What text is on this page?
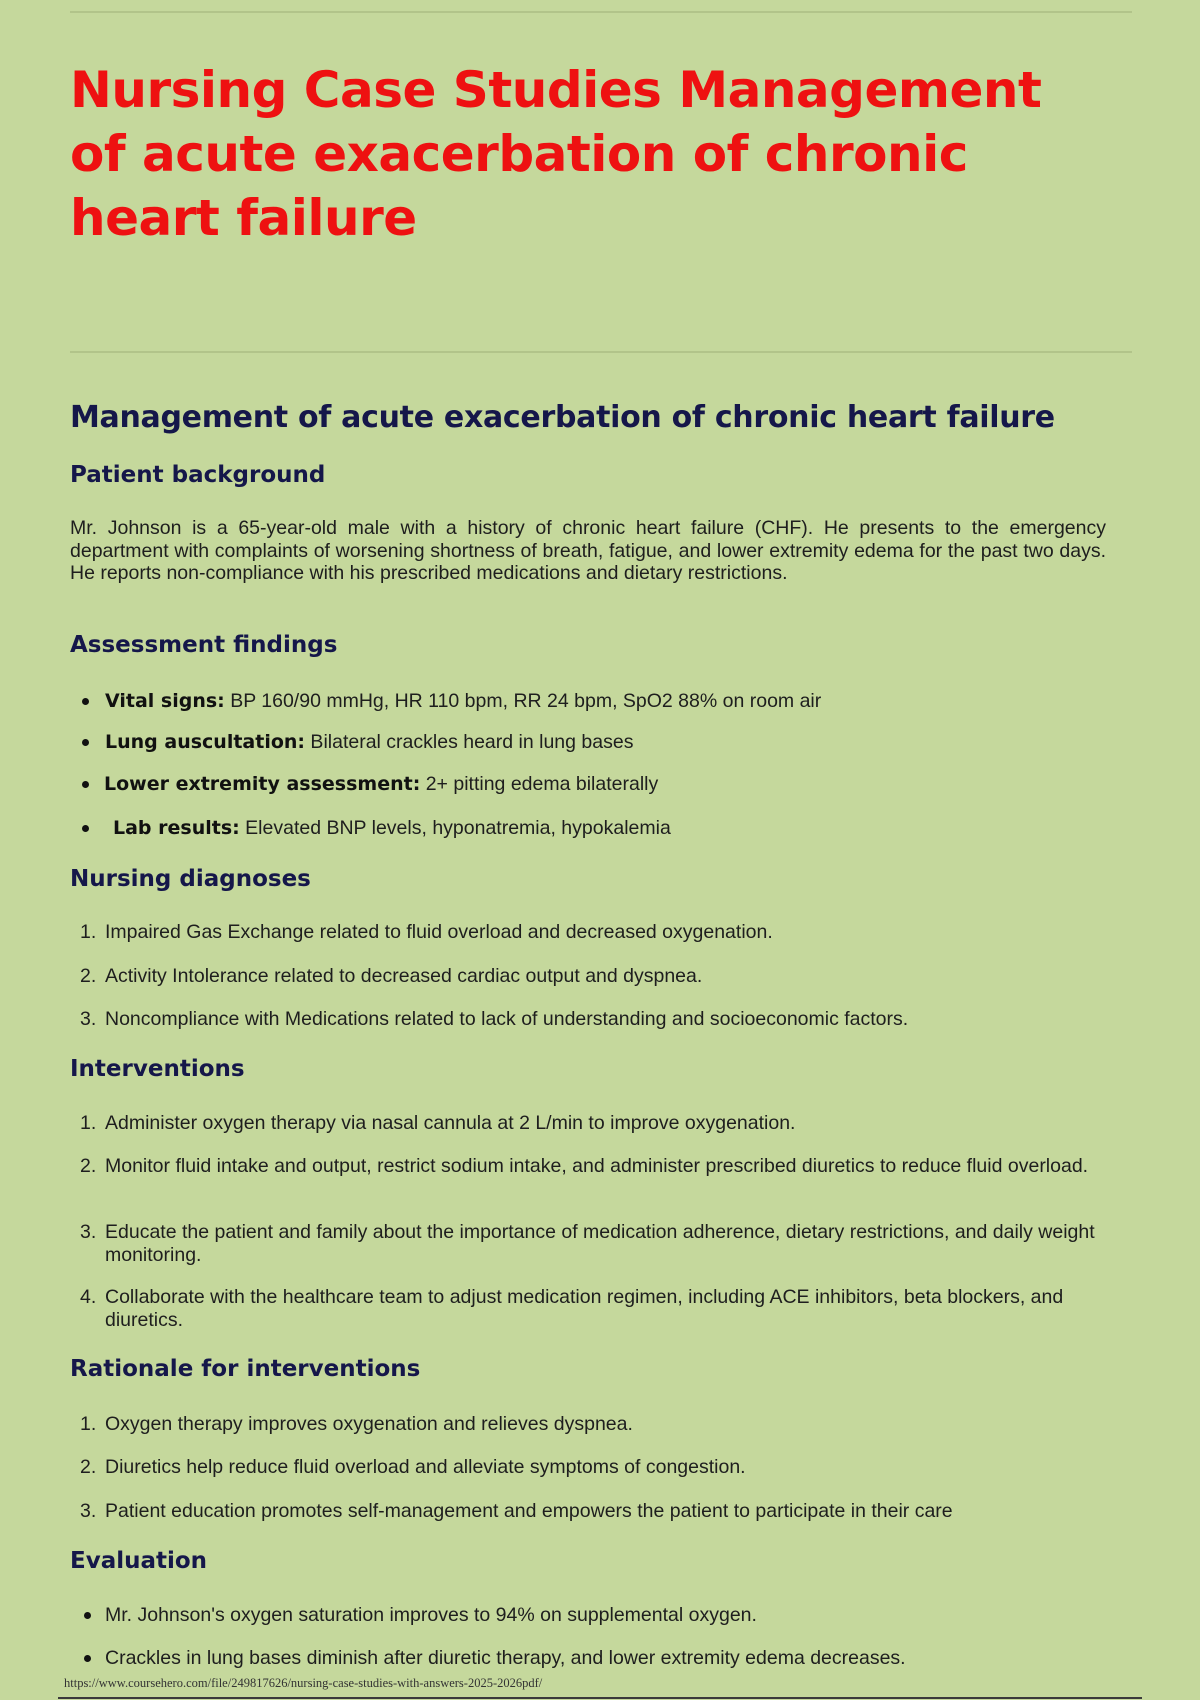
Nursing Case Studies Management of acute exacerbation of chronic heart failure
Management of acute exacerbation of chronic heart failure
Patient background

Mr. Johnson is a 65-year-old male with a history of chronic heart failure (CHF). He presents to the emergency department with complaints of worsening shortness of breath, fatigue, and lower extremity edema for the past two days. He reports non-compliance with his prescribed medications and dietary restrictions.

Assessment findings
Vital signs: BP 160/90 mmHg, HR 110 bpm, RR 24 bpm, SpO2 88% on room air
Lung auscultation: Bilateral crackles heard in lung bases
Lower extremity assessment: 2+ pitting edema bilaterally
Lab results: Elevated BNP levels, hyponatremia, hypokalemia
Nursing diagnoses
1. Impaired Gas Exchange related to fluid overload and decreased oxygenation.
2. Activity Intolerance related to decreased cardiac output and dyspnea.
3. Noncompliance with Medications related to lack of understanding and socioeconomic factors.
Interventions
1. Administer oxygen therapy via nasal cannula at 2 L/min to improve oxygenation.
2. Monitor fluid intake and output, restrict sodium intake, and administer prescribed diuretics to reduce fluid overload.
3. Educate the patient and family about the importance of medication adherence, dietary restrictions, and daily weight monitoring.
4. Collaborate with the healthcare team to adjust medication regimen, including ACE inhibitors, beta blockers, and diuretics.
Rationale for interventions
1. Oxygen therapy improves oxygenation and relieves dyspnea.
2. Diuretics help reduce fluid overload and alleviate symptoms of congestion.
3. Patient education promotes self-management and empowers the patient to participate in their care
Evaluation
Mr. Johnson's oxygen saturation improves to 94% on supplemental oxygen.
Crackles in lung bases diminish after diuretic therapy, and lower extremity edema decreases.
https://www.coursehero.com/file/249817626/nursing-case-studies-with-answers-2025-2026pdf/
